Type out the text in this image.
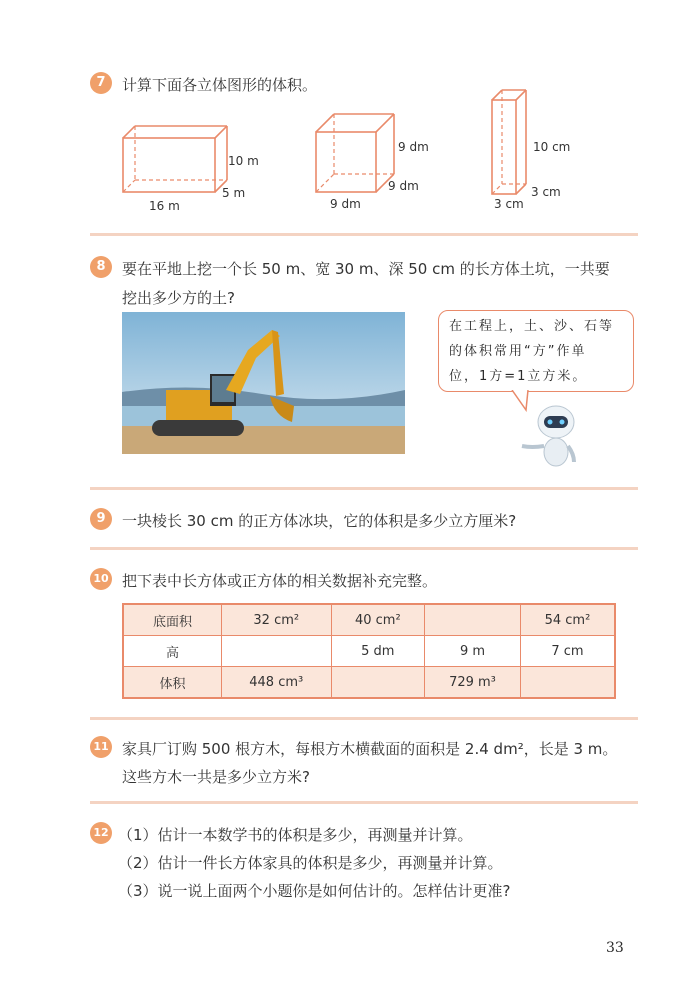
7	计算下面各立体图形的体积。
10 m
5 m
16 m
9 dm
9 dm
9 dm
10 cm
3 cm
3 cm
8	要在平地上挖一个长 50 m、宽 30 m、深 50 cm 的长方体土坑，一共要
挖出多少方的土?
在工程上，土、沙、石等
的体积常用“方”作单
位，1方=1立方米。
9	一块棱长 30 cm 的正方体冰块，它的体积是多少立方厘米?
10 把下表中长方体或正方体的相关数据补充完整。
底面积	32 cm²	40 cm²		54 cm²
高		5 dm	9 m	7 cm
体积	448 cm³		729 m³	
11 家具厂订购 500 根方木，每根方木横截面的面积是 2.4 dm²，长是 3 m。
这些方木一共是多少立方米?
12 （1）估计一本数学书的体积是多少，再测量并计算。
（2）估计一件长方体家具的体积是多少，再测量并计算。
（3）说一说上面两个小题你是如何估计的。怎样估计更准?
33
